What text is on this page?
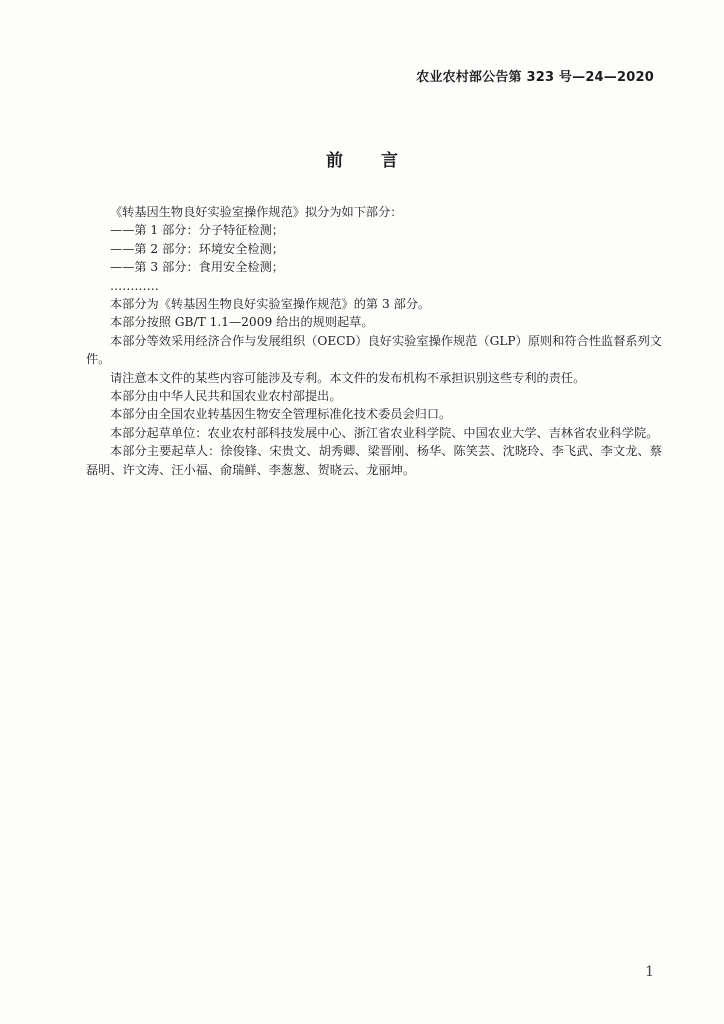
农业农村部公告第 323 号—24—2020
前言

《转基因生物良好实验室操作规范》拟分为如下部分：

——第 1 部分：分子特征检测；

——第 2 部分：环境安全检测；

——第 3 部分：食用安全检测；

…………

本部分为《转基因生物良好实验室操作规范》的第 3 部分。

本部分按照 GB/T 1.1—2009 给出的规则起草。

本部分等效采用经济合作与发展组织（OECD）良好实验室操作规范（GLP）原则和符合性监督系列文件。

请注意本文件的某些内容可能涉及专利。本文件的发布机构不承担识别这些专利的责任。

本部分由中华人民共和国农业农村部提出。

本部分由全国农业转基因生物安全管理标准化技术委员会归口。

本部分起草单位：农业农村部科技发展中心、浙江省农业科学院、中国农业大学、吉林省农业科学院。

本部分主要起草人：徐俊锋、宋贵文、胡秀卿、梁晋刚、杨华、陈笑芸、沈晓玲、李飞武、李文龙、蔡磊明、许文涛、汪小福、俞瑞鲜、李葱葱、贺晓云、龙丽坤。

1
